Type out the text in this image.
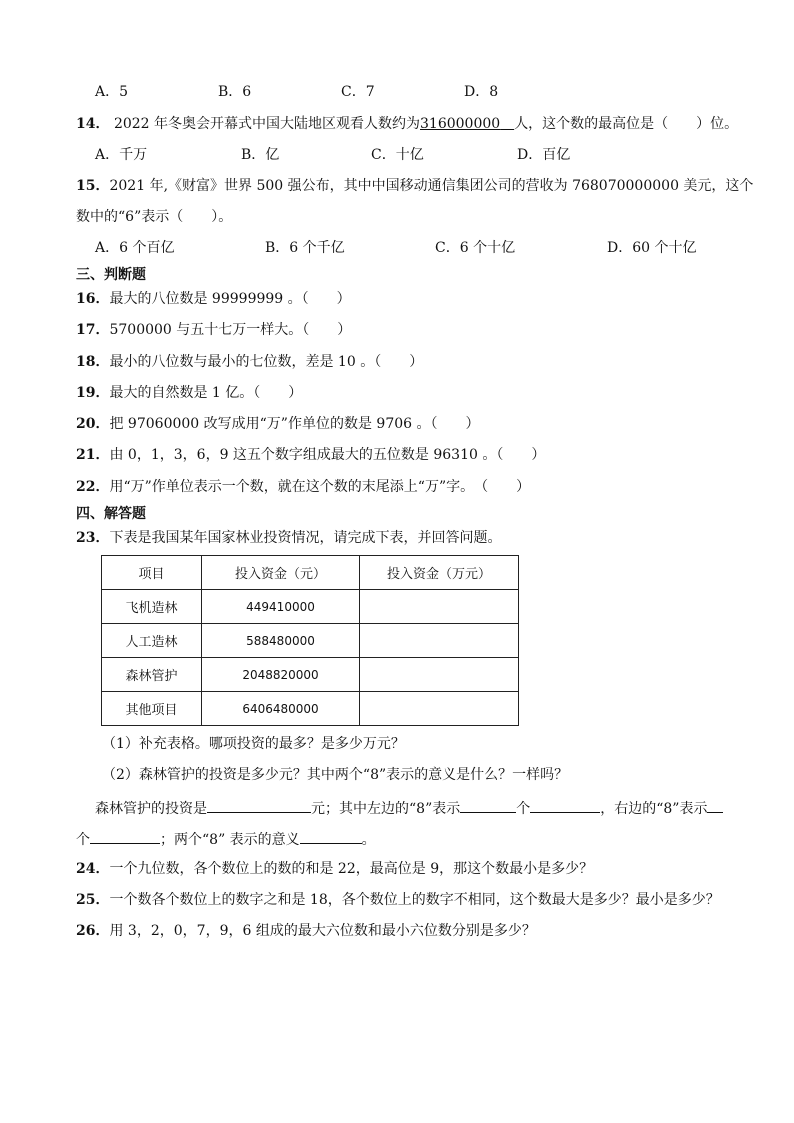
A．5	B．6	C．7	D．8
14． 2022 年冬奥会开幕式中国大陆地区观看人数约为316000000　 人，这个数的最高位是（　　）位。
A．千万	B．亿	C．十亿	D．百亿
15．2021 年,《财富》世界 500 强公布，其中中国移动通信集团公司的营收为 768070000000 美元，这个
数中的“6”表示（　　）。
A．6 个百亿	B．6 个千亿	C．6 个十亿	D．60 个十亿
三、判断题
16．最大的八位数是 99999999 。（　　）
17．5700000 与五十七万一样大。（　　）
18．最小的八位数与最小的七位数，差是 10 。（　　）
19．最大的自然数是 1 亿。（　　）
20．把 97060000 改写成用“万”作单位的数是 9706 。（　　）
21．由 0，1，3，6，9 这五个数字组成最大的五位数是 96310 。（　　）
22．用“万”作单位表示一个数，就在这个数的末尾添上“万”字。　（　　）
四、解答题
23．下表是我国某年国家林业投资情况，请完成下表，并回答问题。
项目	投入资金（元）	投入资金（万元）
飞机造林	449410000	
人工造林	588480000	
森林管护	2048820000	
其他项目	6406480000	
（1）补充表格。哪项投资的最多？是多少万元？
（2）森林管护的投资是多少元？其中两个“8”表示的意义是什么？一样吗？
森林管护的投资是	元；其中左边的“8”表示	个	，右边的“8”表示
个	；两个“8” 表示的意义	。
24．一个九位数，各个数位上的数的和是 22，最高位是 9，那这个数最小是多少？
25．一个数各个数位上的数字之和是 18，各个数位上的数字不相同，这个数最大是多少？最小是多少？
26．用 3，2，0，7，9，6 组成的最大六位数和最小六位数分别是多少？
